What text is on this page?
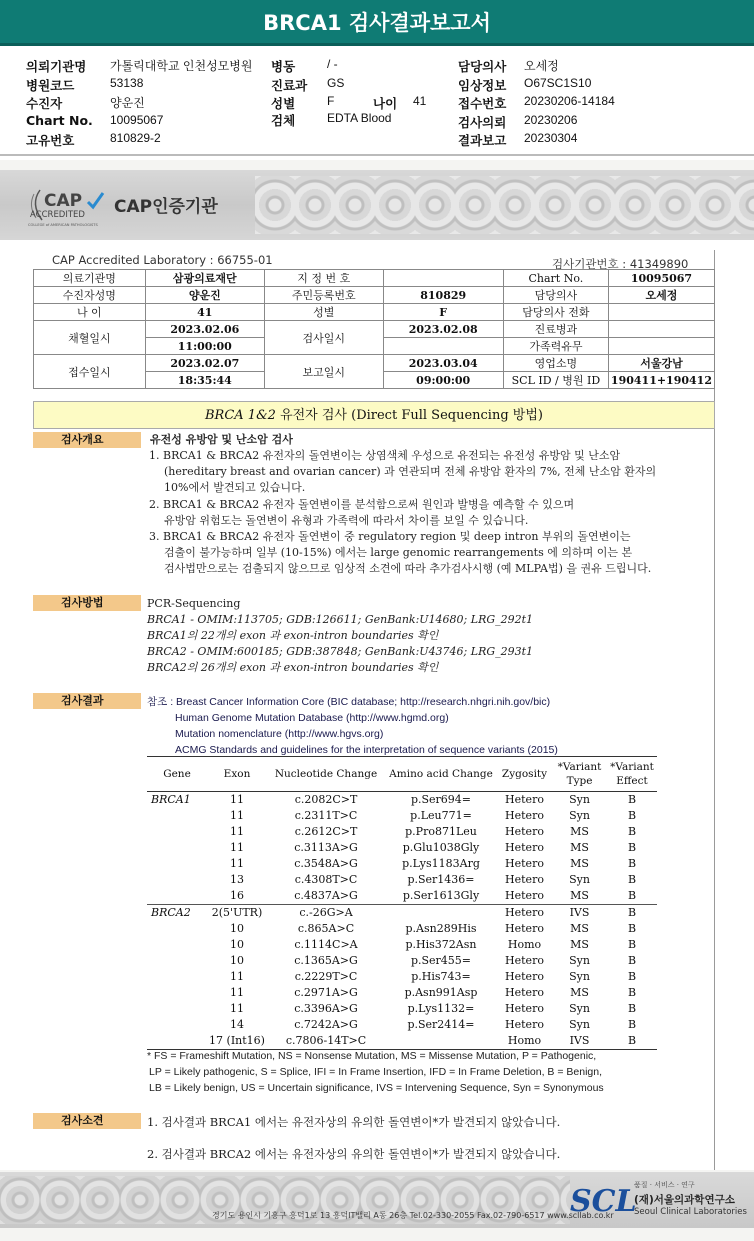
BRCA1 검사결과보고서
의뢰기관명 가톨릭대학교 인천성모병원
병원코드	53138
수진자	양운진
Chart No. 10095067
고유번호	810829-2
병동	/ -
진료과 GS
성별	F
검체	EDTA Blood
담당의사 오세정
임상정보 O67SC1S10
접수번호 20230206-14184
검사의뢰 20230206
결과보고 20230304
나이 41
CAP
ACCREDITED
COLLEGE of AMERICAN PATHOLOGISTS
CAP인증기관
CAP Accredited Laboratory : 66755-01	검사기관번호 : 41349890
의료기관명	삼광의료재단	지 정 번 호		Chart No.	10095067
수진자성명	양운진	주민등록번호	810829	담당의사	오세정
나 이	41	성별	F	담당의사 전화	
채혈일시	2023.02.06	검사일시	2023.02.08	진료병과	
	11:00:00			가족력유무	
접수일시	2023.02.07	보고일시	2023.03.04	영업소명	서울강남
	18:35:44		09:00:00	SCL ID / 병원 ID	190411+190412
BRCA 1&2 유전자 검사 (Direct Full Sequencing 방법)
검사개요	유전성 유방암 및 난소암 검사
1. BRCA1 & BRCA2 유전자의 돌연변이는 상염색체 우성으로 유전되는 유전성 유방암 및 난소암
(hereditary breast and ovarian cancer) 과 연관되며 전체 유방암 환자의 7%, 전체 난소암 환자의
10%에서 발견되고 있습니다.
2. BRCA1 & BRCA2 유전자 돌연변이를 분석함으로써 원인과 발병을 예측할 수 있으며
유방암 위험도는 돌연변이 유형과 가족력에 따라서 차이를 보일 수 있습니다.
3. BRCA1 & BRCA2 유전자 돌연변이 중 regulatory region 및 deep intron 부위의 돌연변이는
검출이 불가능하며 일부 (10-15%) 에서는 large genomic rearrangements 에 의하며 이는 본
검사법만으로는 검출되지 않으므로 임상적 소견에 따라 추가검사시행 (예 MLPA법) 을 권유 드립니다.
검사방법	PCR-Sequencing
BRCA1 - OMIM:113705; GDB:126611; GenBank:U14680; LRG_292t1
BRCA1의 22개의 exon 과 exon-intron boundaries 확인
BRCA2 - OMIM:600185; GDB:387848; GenBank:U43746; LRG_293t1
BRCA2의 26개의 exon 과 exon-intron boundaries 확인
검사결과	참조 : Breast Cancer Information Core (BIC database; http://research.nhgri.nih.gov/bic)
Human Genome Mutation Database (http://www.hgmd.org)
Mutation nomenclature (http://www.hgvs.org)
ACMG Standards and guidelines for the interpretation of sequence variants (2015)
Gene	Exon	Nucleotide Change	Amino acid Change	Zygosity	*Variant Type	*Variant Effect
BRCA1	11	c.2082C>T	p.Ser694=	Hetero	Syn	B
	11	c.2311T>C	p.Leu771=	Hetero	Syn	B
	11	c.2612C>T	p.Pro871Leu	Hetero	MS	B
	11	c.3113A>G	p.Glu1038Gly	Hetero	MS	B
	11	c.3548A>G	p.Lys1183Arg	Hetero	MS	B
	13	c.4308T>C	p.Ser1436=	Hetero	Syn	B
	16	c.4837A>G	p.Ser1613Gly	Hetero	MS	B

BRCA2	2(5'UTR)	c.-26G>A		Hetero	IVS	B
	10	c.865A>C	p.Asn289His	Hetero	MS	B
	10	c.1114C>A	p.His372Asn	Homo	MS	B
	10	c.1365A>G	p.Ser455=	Hetero	Syn	B
	11	c.2229T>C	p.His743=	Hetero	Syn	B
	11	c.2971A>G	p.Asn991Asp	Hetero	MS	B
	11	c.3396A>G	p.Lys1132=	Hetero	Syn	B
	14	c.7242A>G	p.Ser2414=	Hetero	Syn	B
	17 (Int16)	c.7806-14T>C		Homo	IVS	B

* FS = Frameshift Mutation, NS = Nonsense Mutation, MS = Missense Mutation, P = Pathogenic,
LP = Likely pathogenic, S = Splice, IFI = In Frame Insertion, IFD = In Frame Deletion, B = Benign,
LB = Likely benign, US = Uncertain significance, IVS = Intervening Sequence, Syn = Synonymous
검사소견	1. 검사결과 BRCA1 에서는 유전자상의 유의한 돌연변이*가 발견되지 않았습니다.
2. 검사결과 BRCA2 에서는 유전자상의 유의한 돌연변이*가 발견되지 않았습니다.
경기도 용인시 기흥구 흥덕1로 13 흥덕IT밸리 A동 26층 Tel.02-330-2055 Fax.02-790-6517 www.scllab.co.kr
SCL
품질 · 서비스 · 연구
(재)서울의과학연구소
Seoul Clinical Laboratories
